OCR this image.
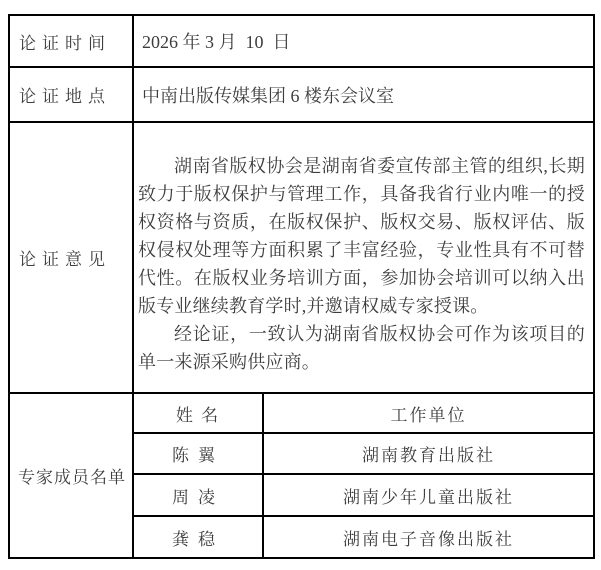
论证时间	2026 年 3 月  10  日	
论证地点	中南出版传媒集团 6 楼东会议室	
论证意见	湖南省版权协会是湖南省委宣传部主管的组织,长期致力于版权保护与管理工作，具备我省行业内唯一的授权资格与资质，在版权保护、版权交易、版权评估、版权侵权处理等方面积累了丰富经验，专业性具有不可替代性。在版权业务培训方面，参加协会培训可以纳入出版专业继续教育学时,并邀请权威专家授课。

经论证，一致认为湖南省版权协会可作为该项目的单一来源采购供应商。	

专家成员名单	姓 名	工作单位
	陈翼	湖南教育出版社
	周凌	湖南少年儿童出版社
	龚稳	湖南电子音像出版社
